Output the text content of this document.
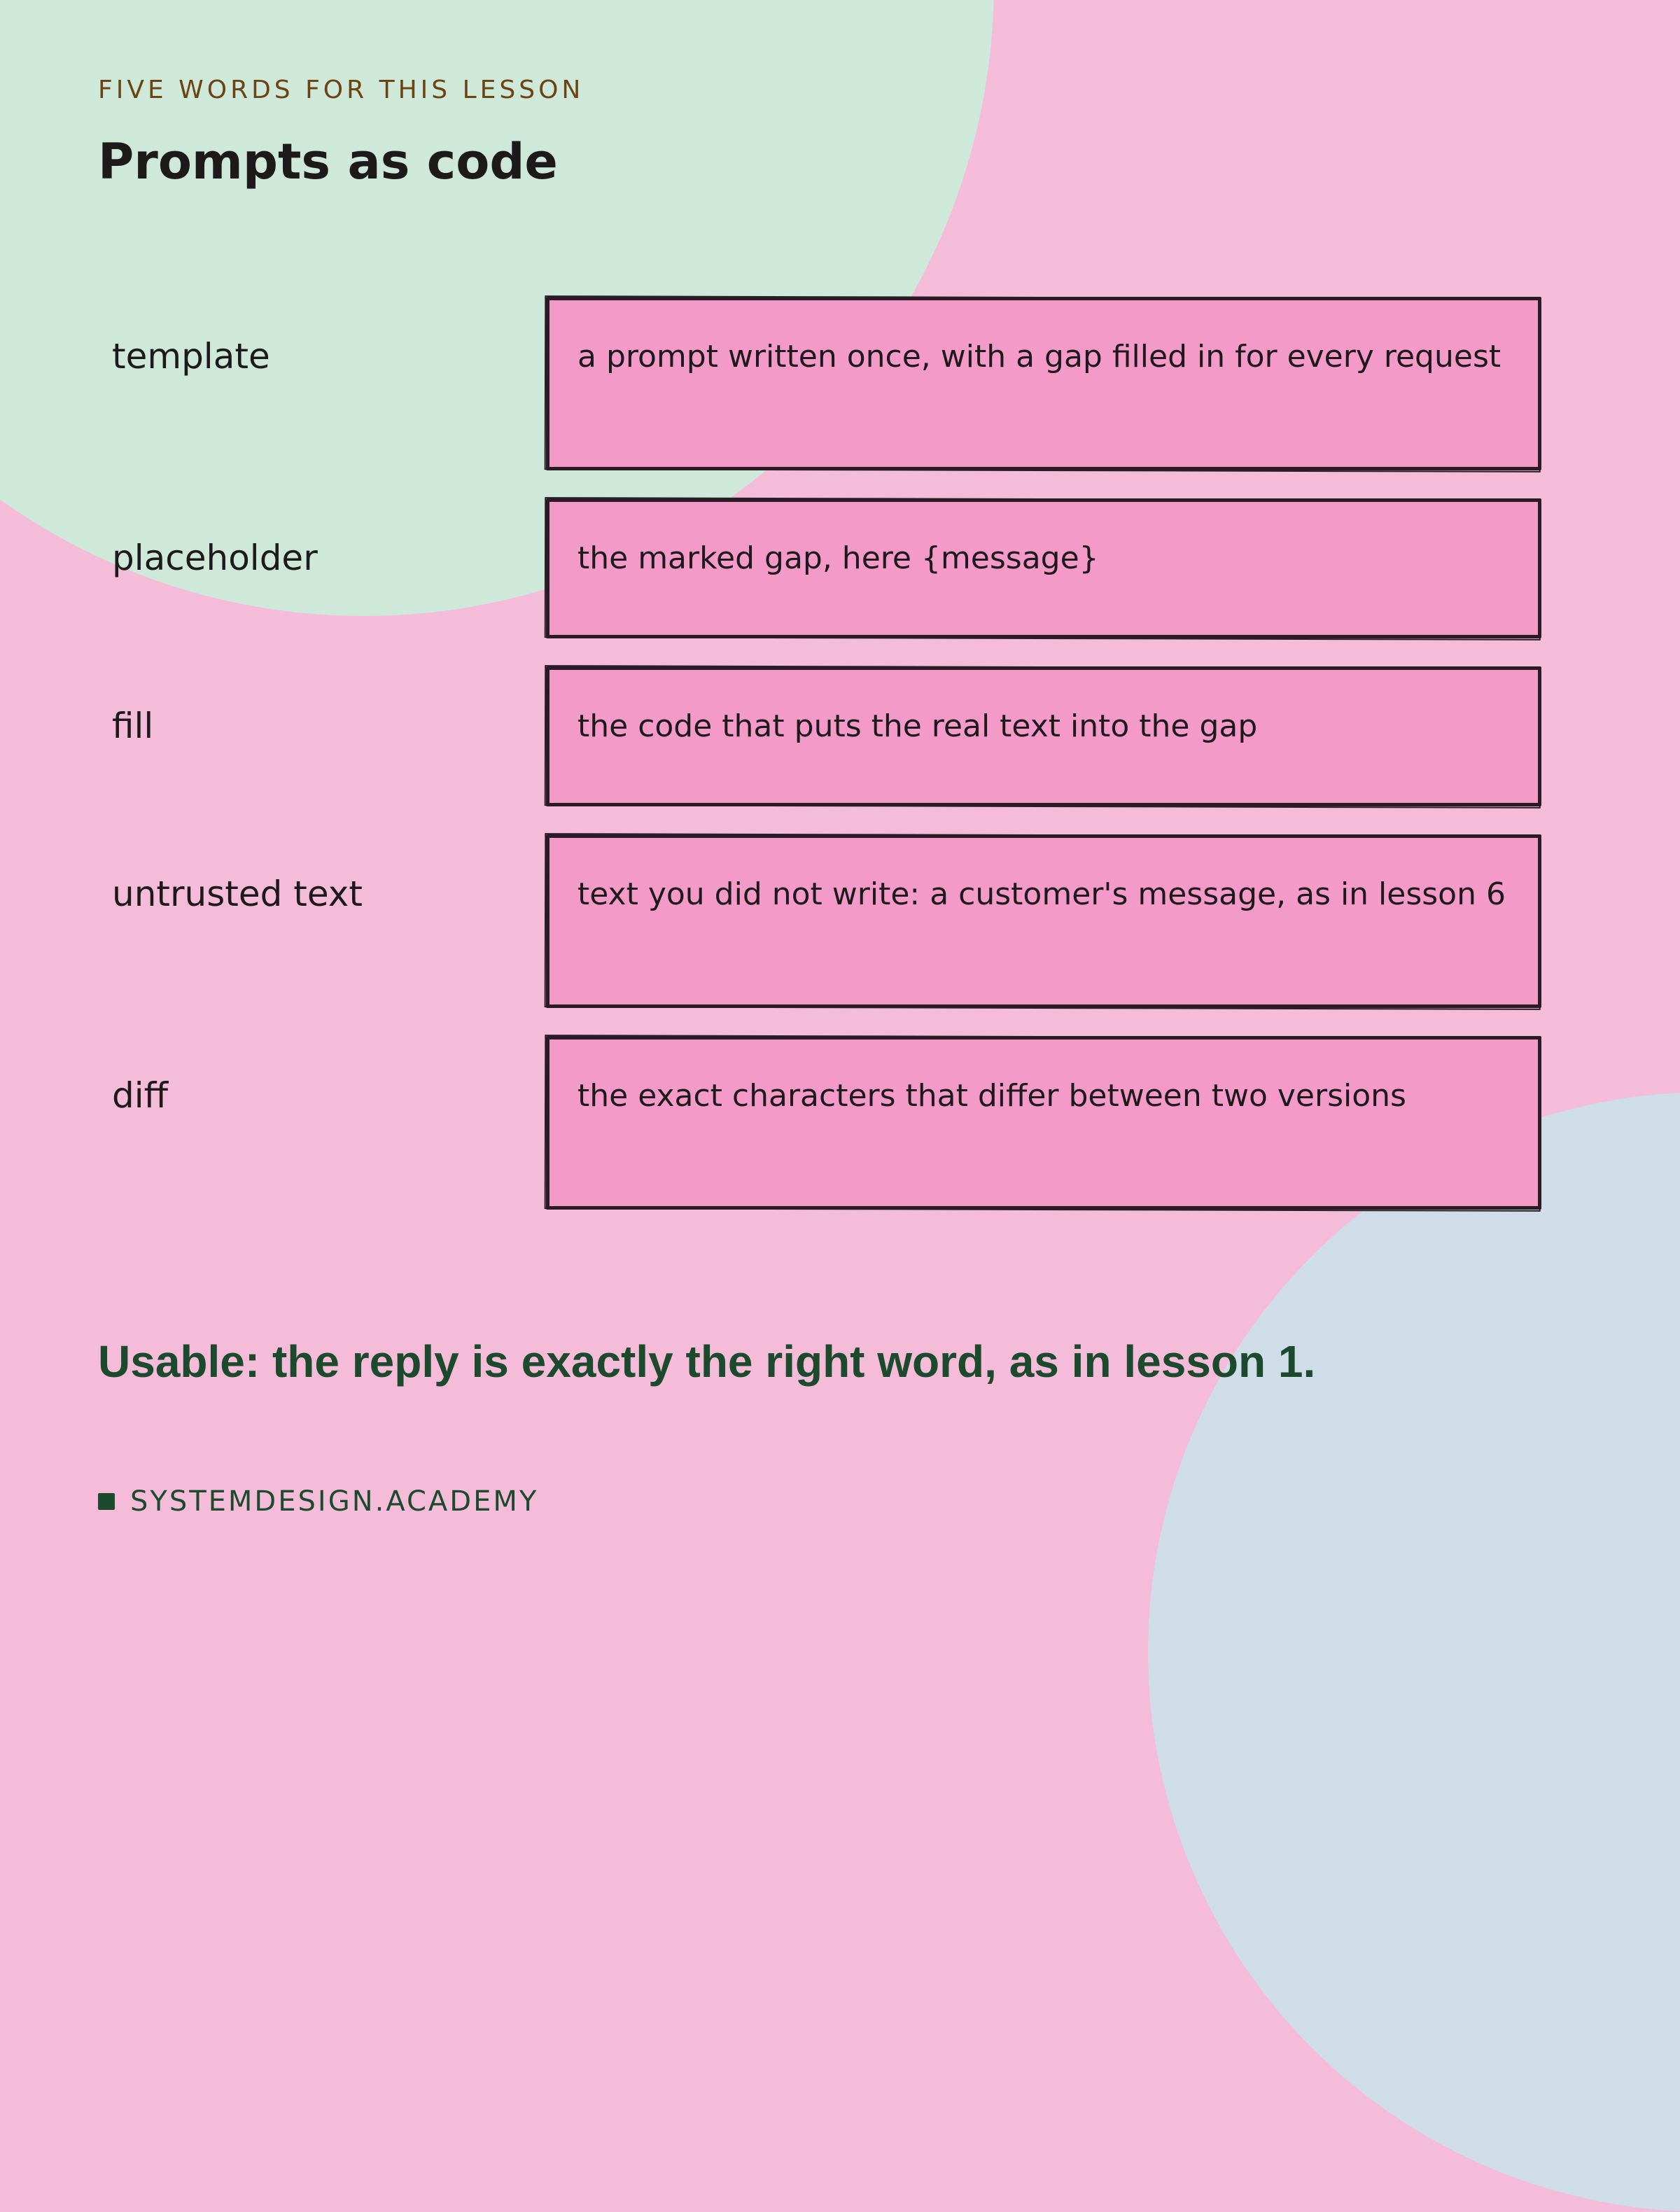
FIVE WORDS FOR THIS LESSON
Prompts as code
template	a prompt written once, with a gap filled in for every request
placeholder	the marked gap, here {message}
fill	the code that puts the real text into the gap
untrusted text	text you did not write: a customer's message, as in lesson 6
diff	the exact characters that differ between two versions
Usable: the reply is exactly the right word, as in lesson 1.
SYSTEMDESIGN.ACADEMY
